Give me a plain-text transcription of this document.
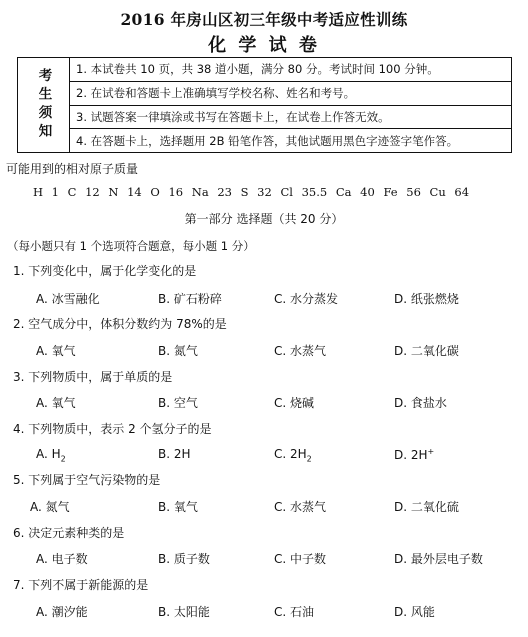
2016 年房山区初三年级中考适应性训练
化 学 试 卷
考生须知	1. 本试卷共 10 页，共 38 道小题，满分 80 分。考试时间 100 分钟。
2. 在试卷和答题卡上准确填写学校名称、姓名和考号。
3. 试题答案一律填涂或书写在答题卡上，在试卷上作答无效。
4. 在答题卡上，选择题用 2B 铅笔作答，其他试题用黑色字迹签字笔作答。
可能用到的相对原子质量
H 1 C 12 N 14 O 16 Na 23 S 32 Cl 35.5 Ca 40 Fe 56 Cu 64
第一部分 选择题（共 20 分）
（每小题只有 1 个选项符合题意，每小题 1 分）
1. 下列变化中，属于化学变化的是
A. 冰雪融化	B. 矿石粉碎	C. 水分蒸发	D. 纸张燃烧
2. 空气成分中，体积分数约为 78%的是
A. 氧气	B. 氮气	C. 水蒸气	D. 二氧化碳
3. 下列物质中，属于单质的是
A. 氧气	B. 空气	C. 烧碱	D. 食盐水
4. 下列物质中，表示 2 个氢分子的是
A. $H_2$	B. 2H	C. $2H_2$	D. 2H+
5. 下列属于空气污染物的是
A. 氮气	B. 氧气	C. 水蒸气	D. 二氧化硫
6. 决定元素种类的是
A. 电子数	B. 质子数	C. 中子数	D. 最外层电子数
7. 下列不属于新能源的是
A. 潮汐能	B. 太阳能	C. 石油	D. 风能
